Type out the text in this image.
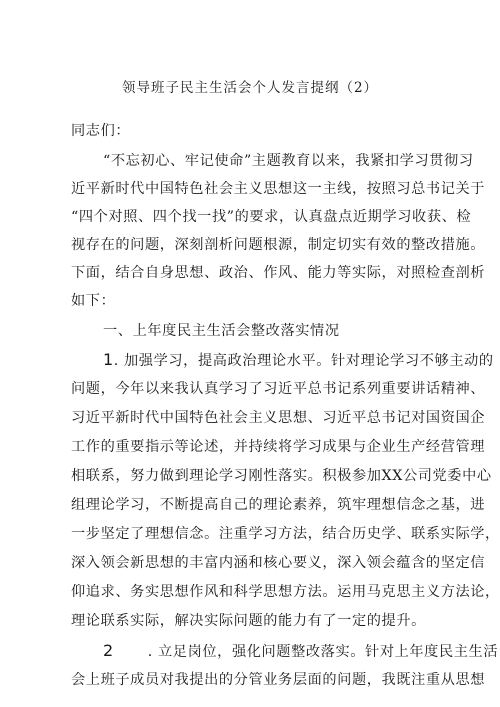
领导班子民主生活会个人发言提纲（2）
同志们：
“不忘初心、牢记使命”主题教育以来，我紧扣学习贯彻习
近平新时代中国特色社会主义思想这一主线，按照习总书记关于
“四个对照、四个找一找”的要求，认真盘点近期学习收获、检
视存在的问题，深刻剖析问题根源，制定切实有效的整改措施。
下面，结合自身思想、政治、作风、能力等实际，对照检查剖析
如下：
一、上年度民主生活会整改落实情况
1. 加强学习，提高政治理论水平。针对理论学习不够主动的
问题，今年以来我认真学习了习近平总书记系列重要讲话精神、
习近平新时代中国特色社会主义思想、习近平总书记对国资国企
工作的重要指示等论述，并持续将学习成果与企业生产经营管理
相联系，努力做到理论学习刚性落实。积极参加XX公司党委中心
组理论学习，不断提高自己的理论素养，筑牢理想信念之基，进
一步坚定了理想信念。注重学习方法，结合历史学、联系实际学，
深入领会新思想的丰富内涵和核心要义，深入领会蕴含的坚定信
仰追求、务实思想作风和科学思想方法。运用马克思主义方法论，
理论联系实际，解决实际问题的能力有了一定的提升。
2 . 立足岗位，强化问题整改落实。针对上年度民主生活
会上班子成员对我提出的分管业务层面的问题，我既注重从思想
